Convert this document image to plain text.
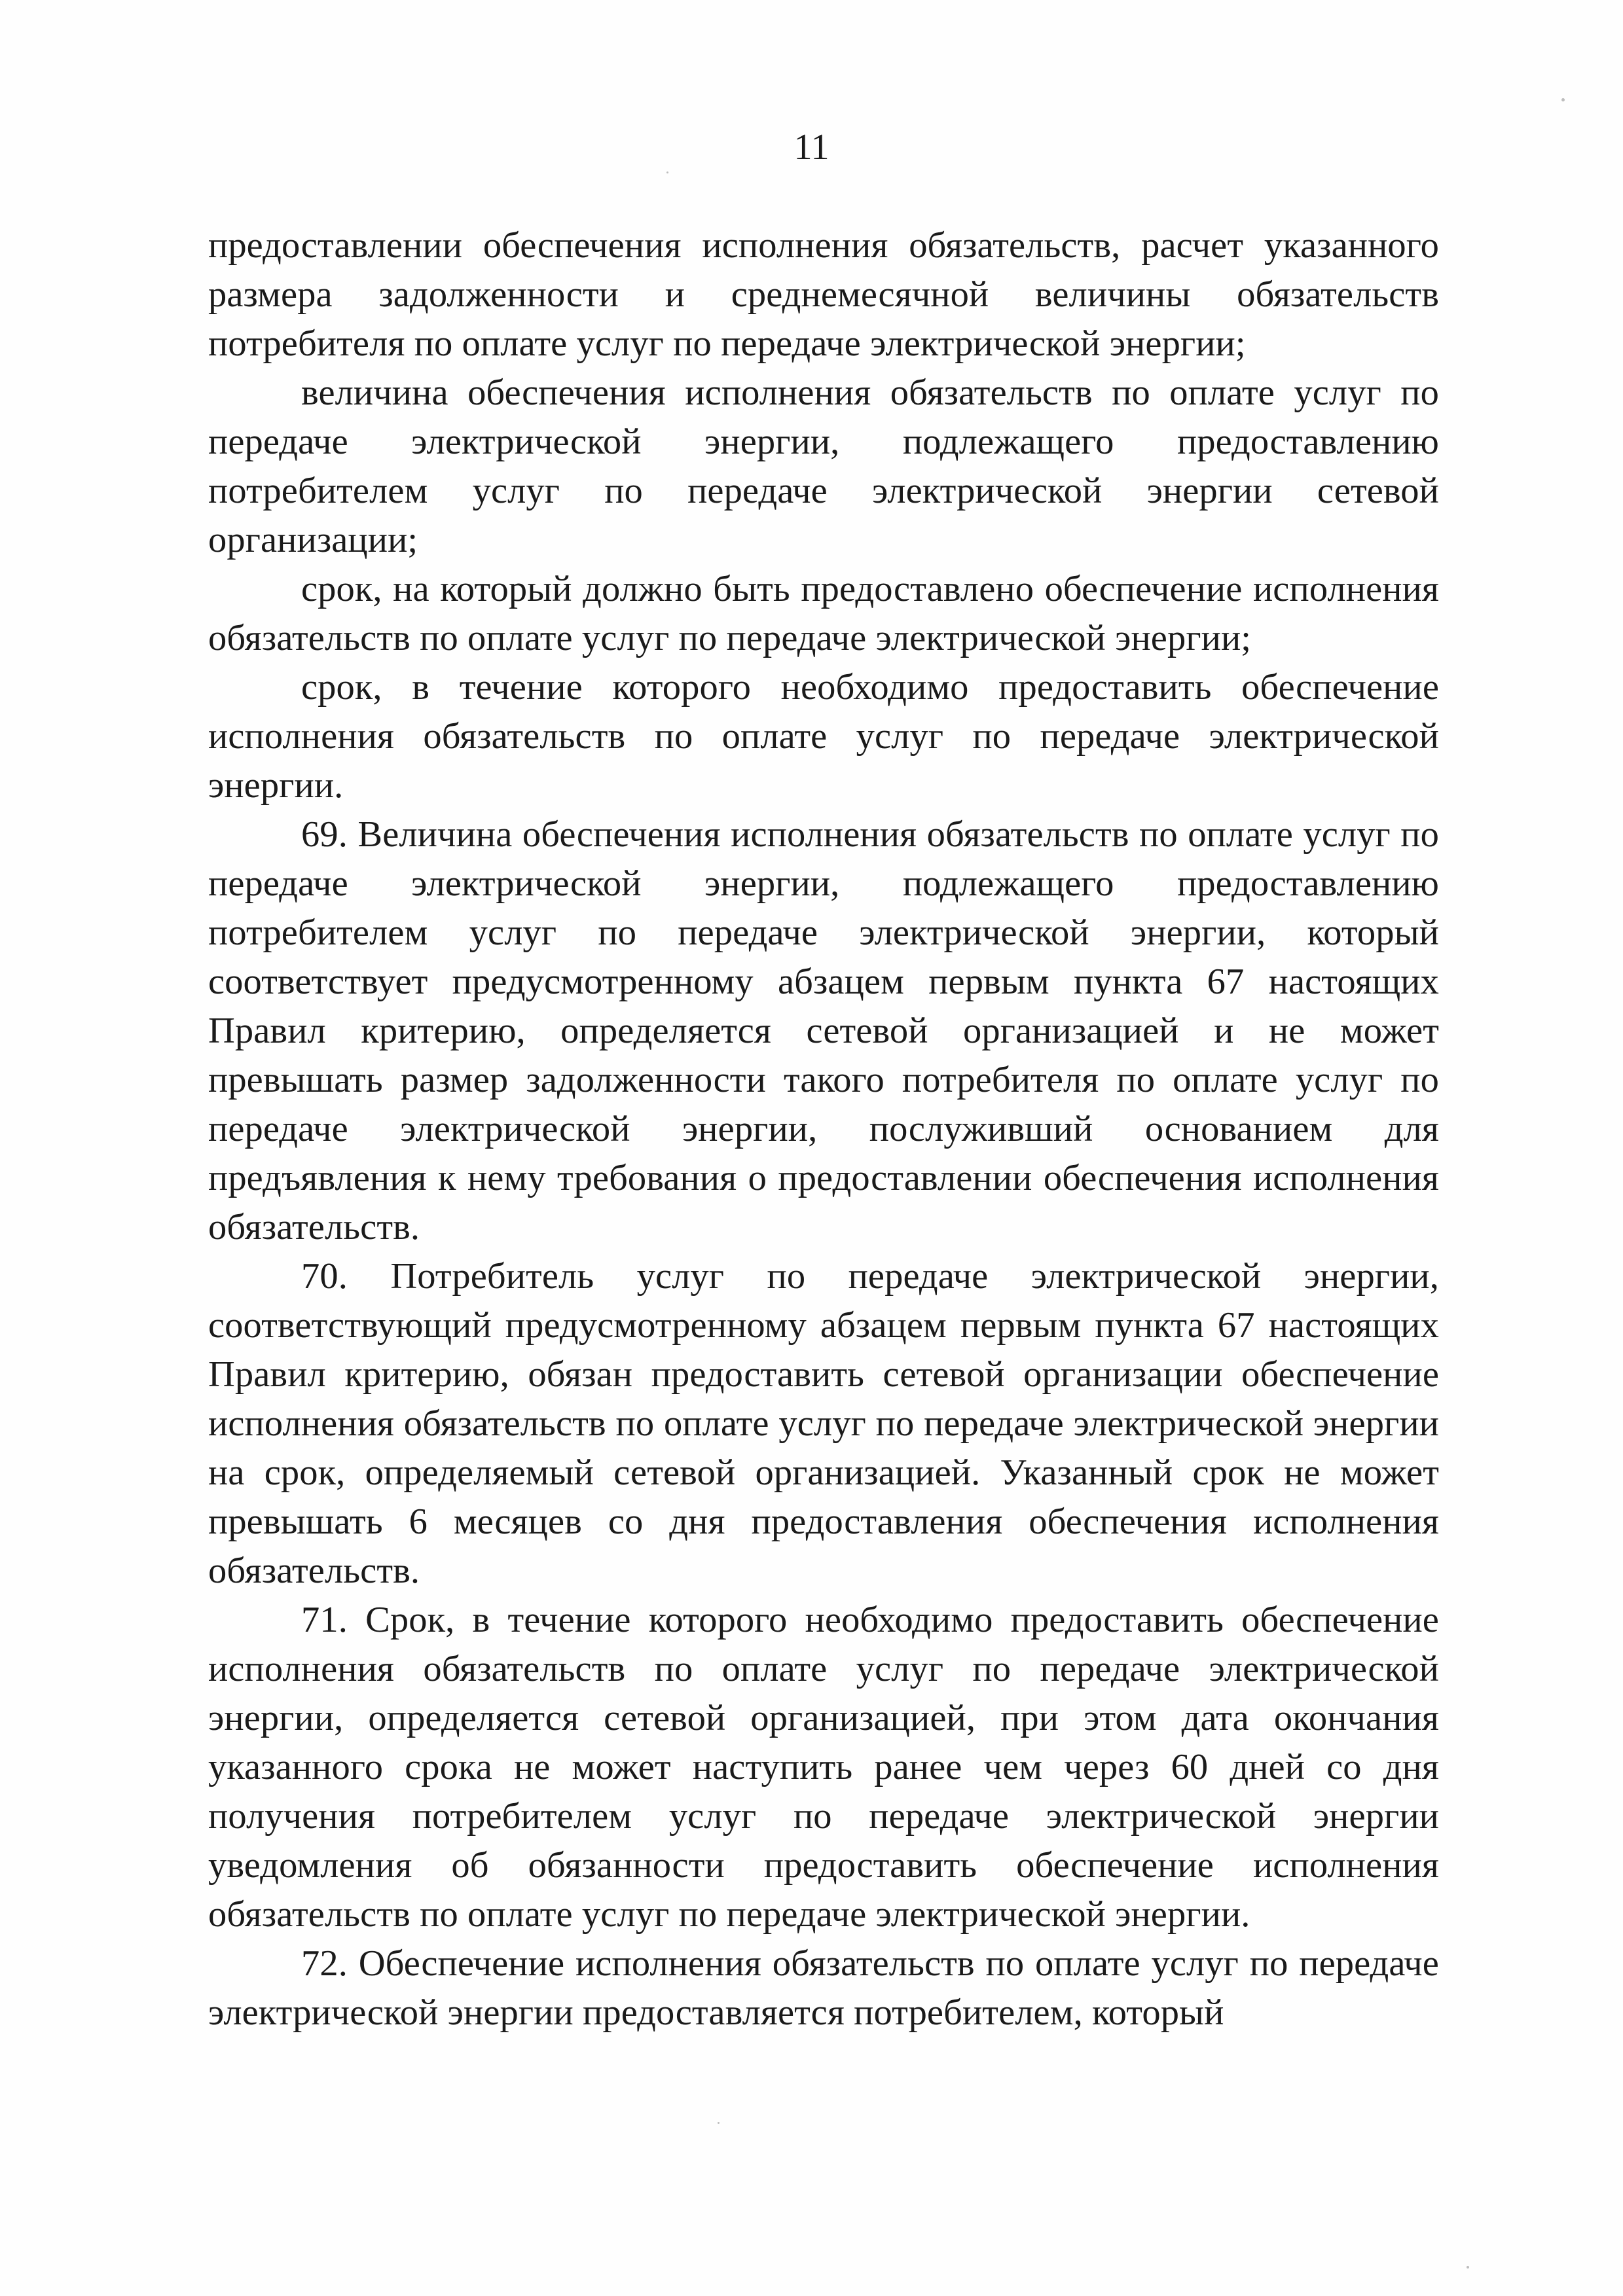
11

предоставлении обеспечения исполнения обязательств, расчет указанного размера задолженности и среднемесячной величины обязательств потребителя по оплате услуг по передаче электрической энергии;

величина обеспечения исполнения обязательств по оплате услуг по передаче электрической энергии, подлежащего предоставлению потребителем услуг по передаче электрической энергии сетевой организации;

срок, на который должно быть предоставлено обеспечение исполнения обязательств по оплате услуг по передаче электрической энергии;

срок, в течение которого необходимо предоставить обеспечение исполнения обязательств по оплате услуг по передаче электрической энергии.

69. Величина обеспечения исполнения обязательств по оплате услуг по передаче электрической энергии, подлежащего предоставлению потребителем услуг по передаче электрической энергии, который соответствует предусмотренному абзацем первым пункта 67 настоящих Правил критерию, определяется сетевой организацией и не может превышать размер задолженности такого потребителя по оплате услуг по передаче электрической энергии, послуживший основанием для предъявления к нему требования о предоставлении обеспечения исполнения обязательств.

70. Потребитель услуг по передаче электрической энергии, соответствующий предусмотренному абзацем первым пункта 67 настоящих Правил критерию, обязан предоставить сетевой организации обеспечение исполнения обязательств по оплате услуг по передаче электрической энергии на срок, определяемый сетевой организацией. Указанный срок не может превышать 6 месяцев со дня предоставления обеспечения исполнения обязательств.

71. Срок, в течение которого необходимо предоставить обеспечение исполнения обязательств по оплате услуг по передаче электрической энергии, определяется сетевой организацией, при этом дата окончания указанного срока не может наступить ранее чем через 60 дней со дня получения потребителем услуг по передаче электрической энергии уведомления об обязанности предоставить обеспечение исполнения обязательств по оплате услуг по передаче электрической энергии.

72. Обеспечение исполнения обязательств по оплате услуг по передаче электрической энергии предоставляется потребителем, который
